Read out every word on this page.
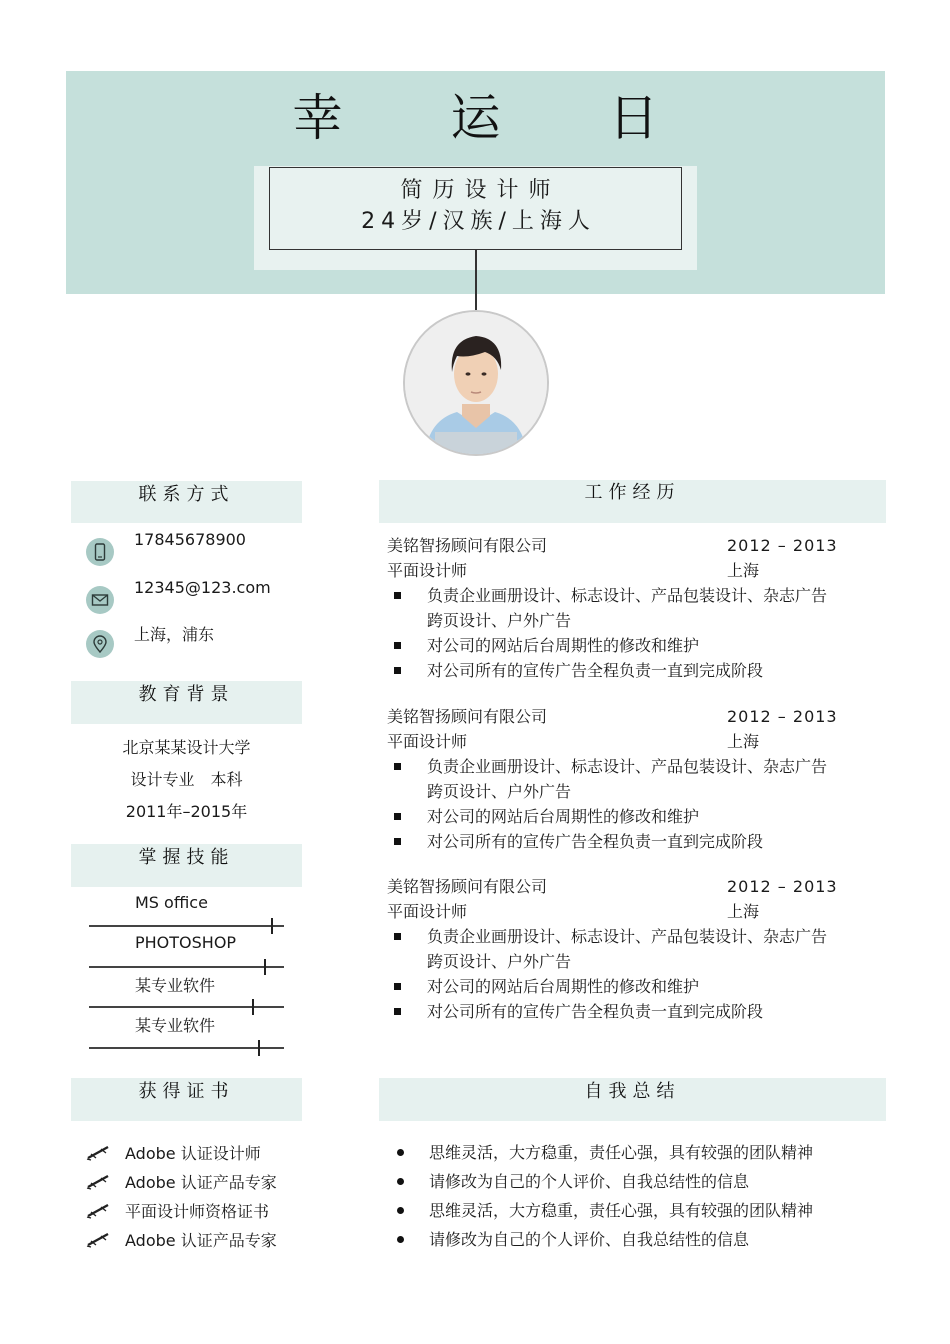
幸运日
简历设计师
24岁/汉族/上海人
联系方式
17845678900
12345@123.com
上海，浦东
教育背景
北京某某设计大学
设计专业　本科
2011年–2015年
掌握技能
MS office
PHOTOSHOP
某专业软件
某专业软件
获得证书
Adobe 认证设计师
Adobe 认证产品专家
平面设计师资格证书
Adobe 认证产品专家
工作经历
美铭智扬顾问有限公司
平面设计师
2012 – 2013
上海
负责企业画册设计、标志设计、产品包装设计、杂志广告跨页设计、户外广告
对公司的网站后台周期性的修改和维护
对公司所有的宣传广告全程负责一直到完成阶段
美铭智扬顾问有限公司
平面设计师
2012 – 2013
上海
负责企业画册设计、标志设计、产品包装设计、杂志广告跨页设计、户外广告
对公司的网站后台周期性的修改和维护
对公司所有的宣传广告全程负责一直到完成阶段
美铭智扬顾问有限公司
平面设计师
2012 – 2013
上海
负责企业画册设计、标志设计、产品包装设计、杂志广告跨页设计、户外广告
对公司的网站后台周期性的修改和维护
对公司所有的宣传广告全程负责一直到完成阶段
自我总结
思维灵活，大方稳重，责任心强，具有较强的团队精神
请修改为自己的个人评价、自我总结性的信息
思维灵活，大方稳重，责任心强，具有较强的团队精神
请修改为自己的个人评价、自我总结性的信息
